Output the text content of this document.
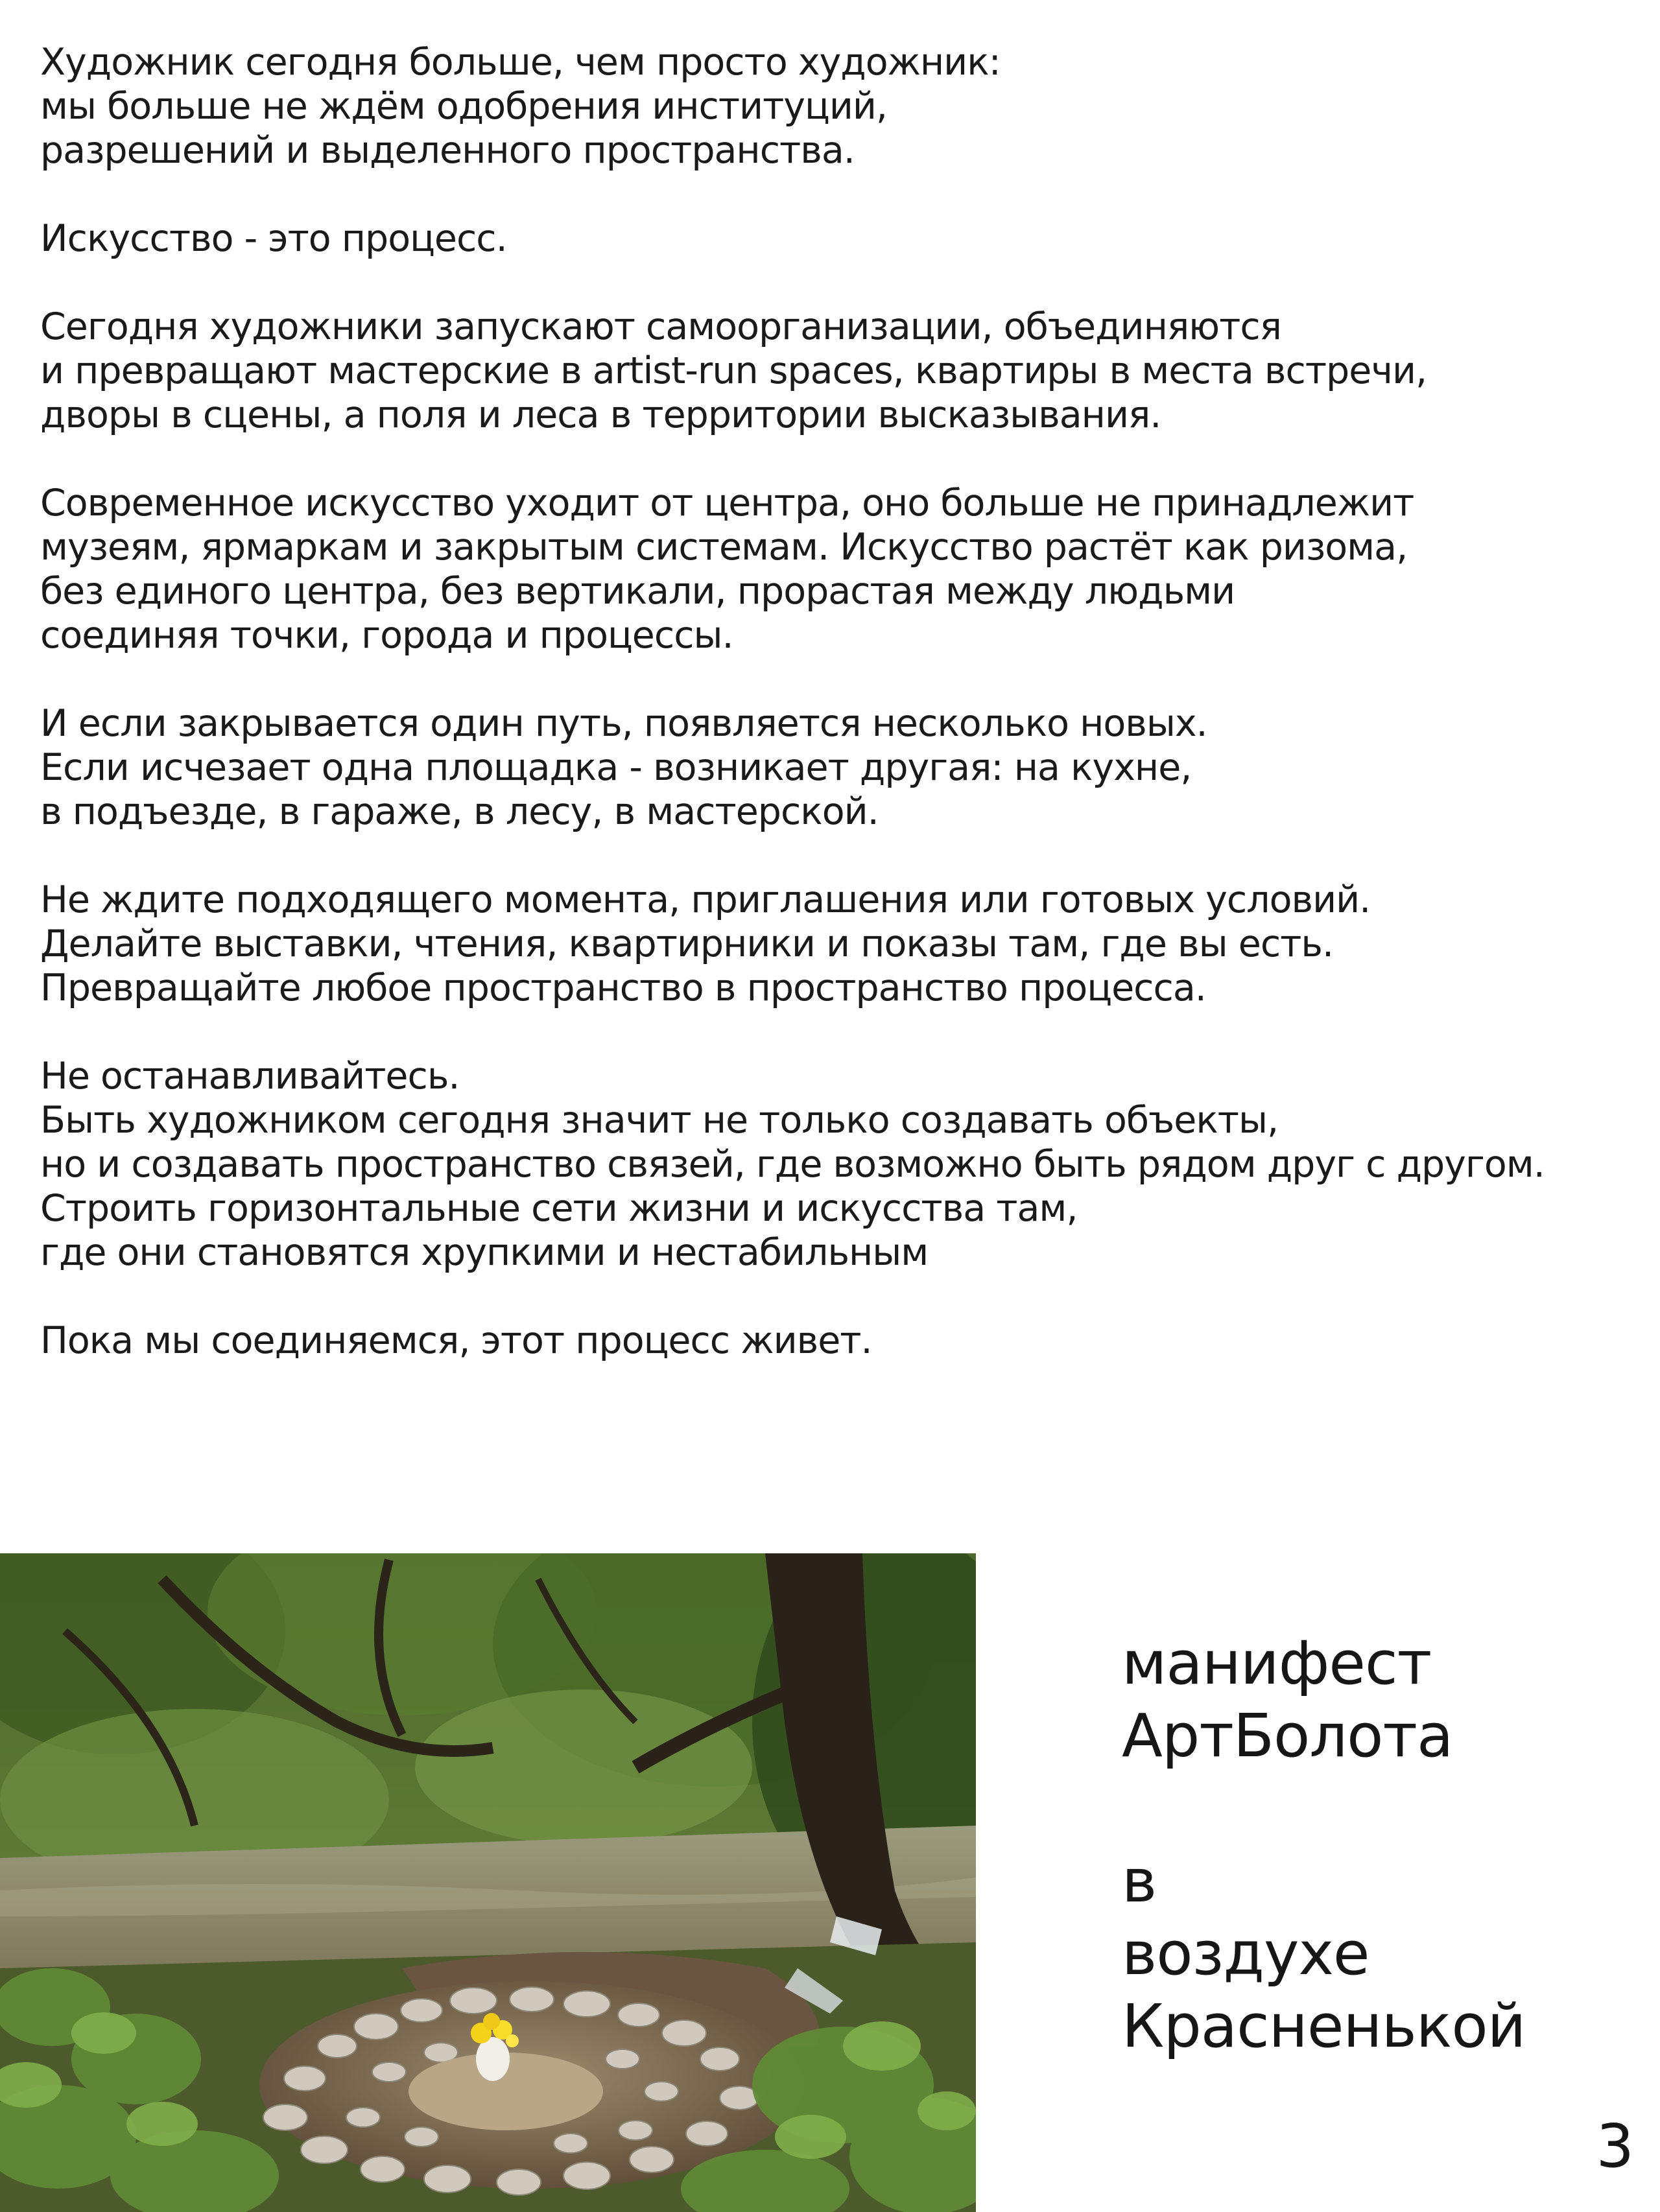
Художник сегодня больше, чем просто художник:
мы больше не ждём одобрения институций,
разрешений и выделенного пространства.

Искусство - это процесс.

Сегодня художники запускают самоорганизации, объединяются
и превращают мастерские в artist-run spaces, квартиры в места встречи,
дворы в сцены, а поля и леса в территории высказывания.

Современное искусство уходит от центра, оно больше не принадлежит
музеям, ярмаркам и закрытым системам. Искусство растёт как ризома,
без единого центра, без вертикали, прорастая между людьми
соединяя точки, города и процессы.

И если закрывается один путь, появляется несколько новых.
Если исчезает одна площадка - возникает другая: на кухне,
в подъезде, в гараже, в лесу, в мастерской.

Не ждите подходящего момента, приглашения или готовых условий.
Делайте выставки, чтения, квартирники и показы там, где вы есть.
Превращайте любое пространство в пространство процесса.

Не останавливайтесь.
Быть художником сегодня значит не только создавать объекты,
но и создавать пространство связей, где возможно быть рядом друг с другом.
Строить горизонтальные сети жизни и искусства там,
где они становятся хрупкими и нестабильным

Пока мы соединяемся, этот процесс живет.

манифест
АртБолота
в
воздухе
Красненькой
3
